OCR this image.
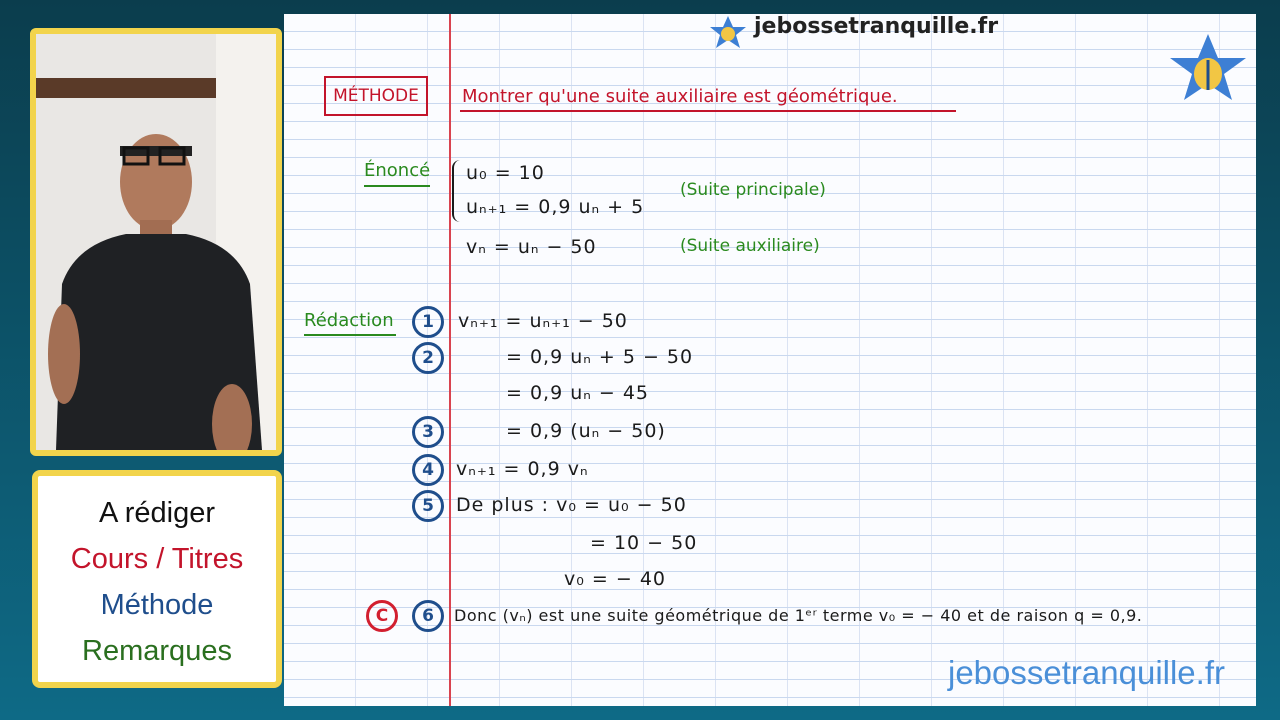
jebossetranquille.fr
MÉTHODE	Montrer qu'une suite auxiliaire est géométrique.
Énoncé u₀ = 10
uₙ₊₁ = 0,9 uₙ + 5
vₙ = uₙ − 50
(Suite principale)
(Suite auxiliaire)
Rédaction	1	vₙ₊₁ = uₙ₊₁ − 50
2	= 0,9 uₙ + 5 − 50
= 0,9 uₙ − 45
3	= 0,9 (uₙ − 50)
4	vₙ₊₁ = 0,9 vₙ
5	De plus : v₀ = u₀ − 50
= 10 − 50
v₀ = − 40
C	6	Donc (vₙ) est une suite géométrique de 1ᵉʳ terme v₀ = − 40 et de raison q = 0,9.
A rédiger
Cours / Titres
Méthode
Remarques
jebossetranquille.fr
